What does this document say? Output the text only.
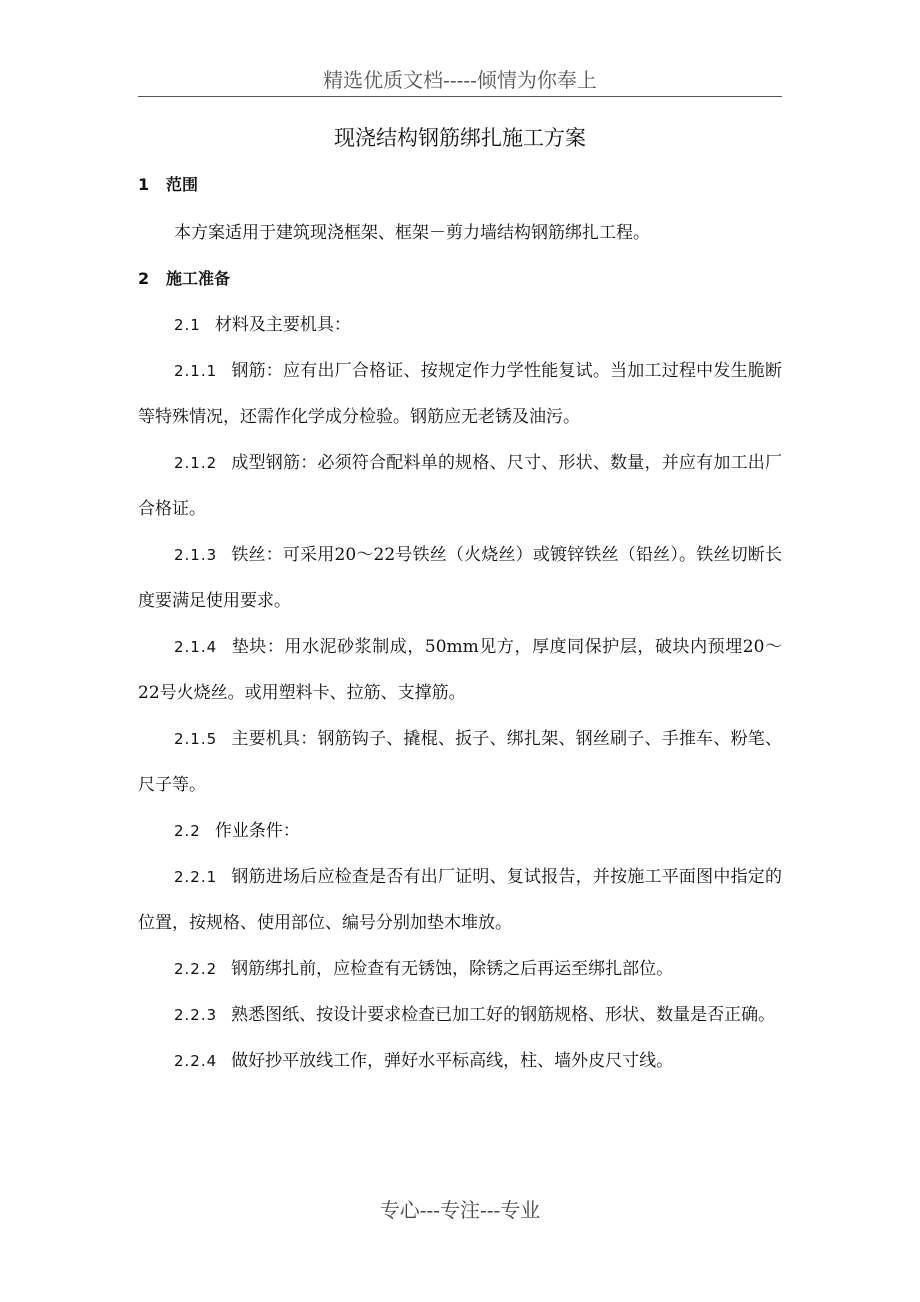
精选优质文档-----倾情为你奉上
现浇结构钢筋绑扎施工方案

1 范围

本方案适用于建筑现浇框架、框架－剪力墙结构钢筋绑扎工程。

2 施工准备

2.1 材料及主要机具：

2.1.1 钢筋：应有出厂合格证、按规定作力学性能复试。当加工过程中发生脆断等特殊情况，还需作化学成分检验。钢筋应无老锈及油污。

2.1.2 成型钢筋：必须符合配料单的规格、尺寸、形状、数量，并应有加工出厂合格证。

2.1.3 铁丝：可采用20～22号铁丝（火烧丝）或镀锌铁丝（铅丝）。铁丝切断长度要满足使用要求。

2.1.4 垫块：用水泥砂浆制成，50mm见方，厚度同保护层，破块内预埋20～22号火烧丝。或用塑料卡、拉筋、支撑筋。

2.1.5 主要机具：钢筋钩子、撬棍、扳子、绑扎架、钢丝刷子、手推车、粉笔、尺子等。

2.2 作业条件：

2.2.1 钢筋进场后应检查是否有出厂证明、复试报告，并按施工平面图中指定的位置，按规格、使用部位、编号分别加垫木堆放。

2.2.2 钢筋绑扎前，应检查有无锈蚀，除锈之后再运至绑扎部位。

2.2.3 熟悉图纸、按设计要求检查已加工好的钢筋规格、形状、数量是否正确。

2.2.4 做好抄平放线工作，弹好水平标高线，柱、墙外皮尺寸线。

专心---专注---专业
